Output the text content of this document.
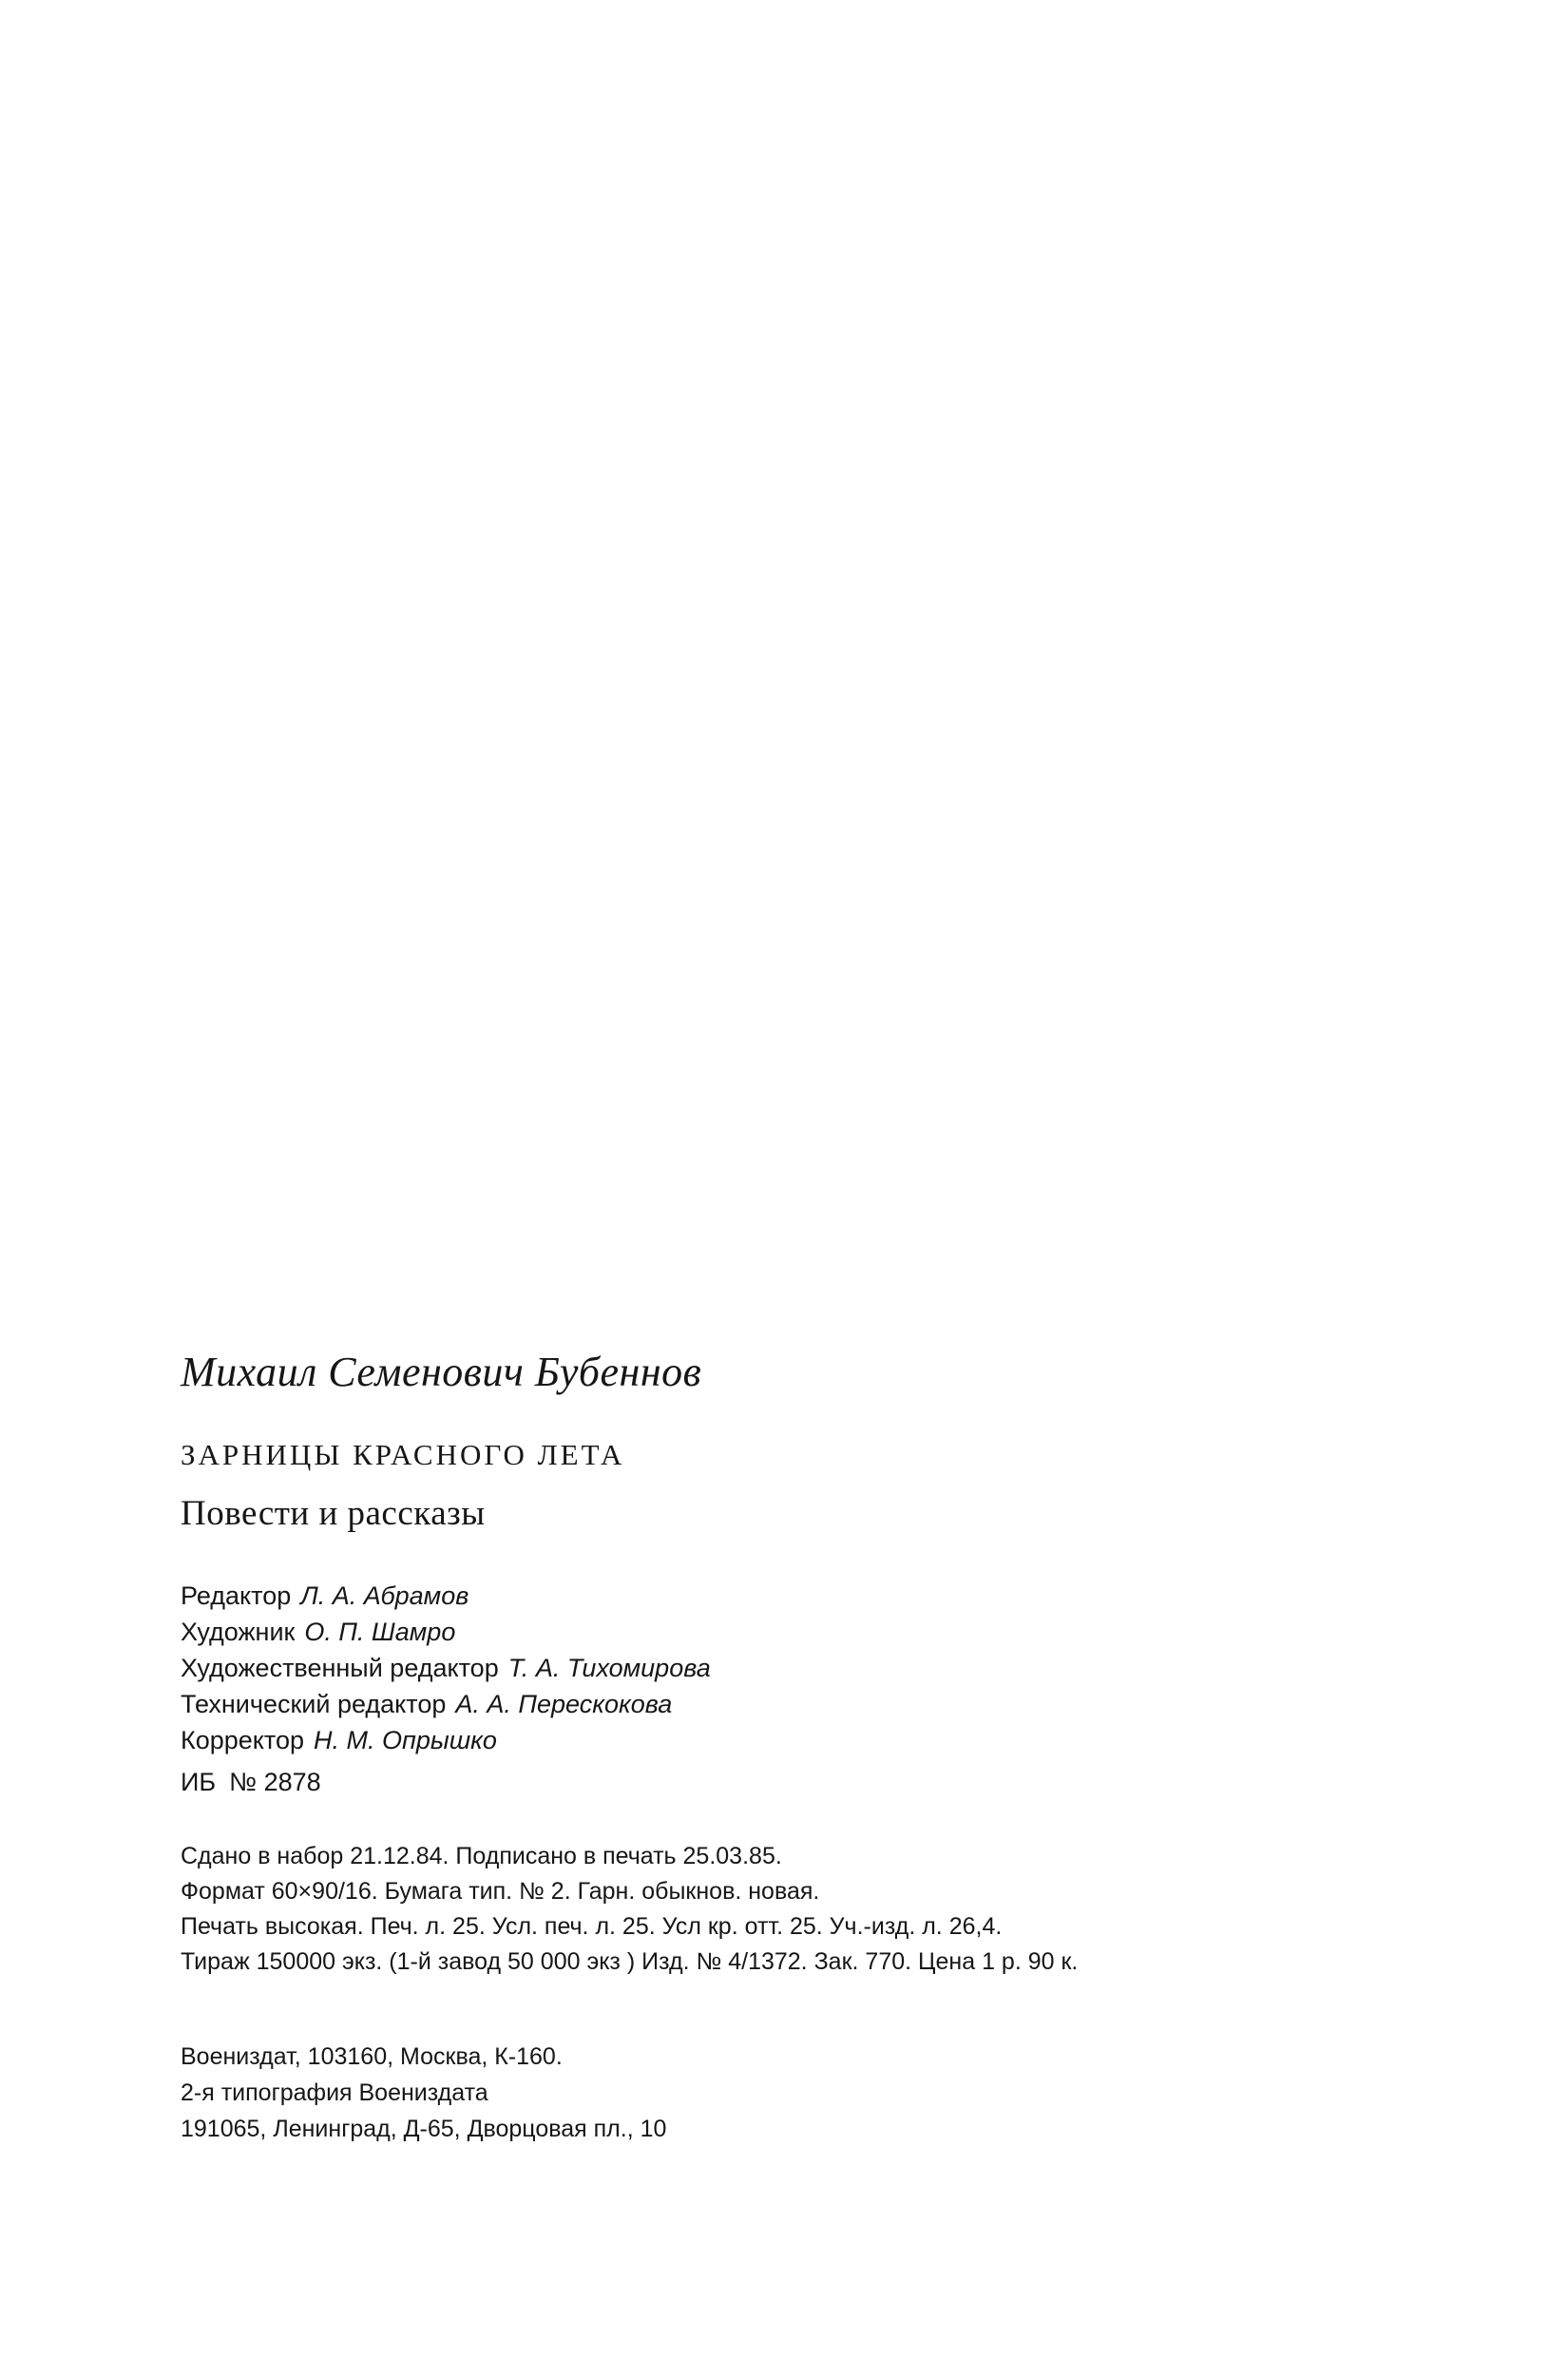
Михаил Семенович Бубеннов
ЗАРНИЦЫ КРАСНОГО ЛЕТА
Повести и рассказы
Редактор Л. А. Абрамов
Художник О. П. Шамро
Художественный редактор Т. А. Тихомирова
Технический редактор А. А. Перескокова
Корректор Н. М. Опрышко
ИБ № 2878
Сдано в набор 21.12.84. Подписано в печать 25.03.85.
Формат 60×90/16. Бумага тип. № 2. Гарн. обыкнов. новая.
Печать высокая. Печ. л. 25. Усл. печ. л. 25. Усл кр. отт. 25. Уч.-изд. л. 26,4.
Тираж 150000 экз. (1-й завод 50 000 экз ) Изд. № 4/1372. Зак. 770. Цена 1 р. 90 к.
Воениздат, 103160, Москва, К-160.
2-я типография Воениздата
191065, Ленинград, Д-65, Дворцовая пл., 10
